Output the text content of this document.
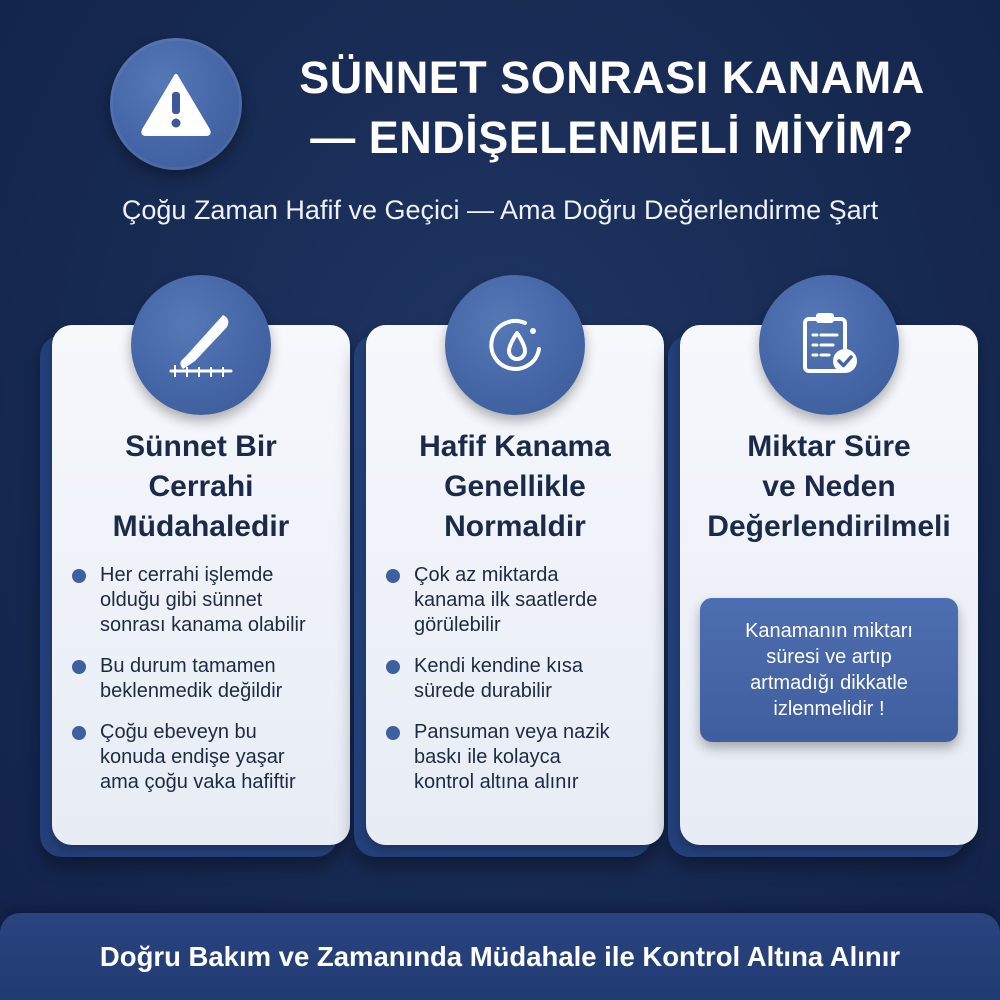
SÜNNET SONRASI KANAMA
— ENDİŞELENMELİ MİYİM?
Çoğu Zaman Hafif ve Geçici — Ama Doğru Değerlendirme Şart
Sünnet Bir
Cerrahi
Müdahaledir
Her cerrahi işlemde
olduğu gibi sünnet
sonrası kanama olabilir
Bu durum tamamen
beklenmedik değildir
Çoğu ebeveyn bu
konuda endişe yaşar
ama çoğu vaka hafiftir
Hafif Kanama
Genellikle
Normaldir
Çok az miktarda
kanama ilk saatlerde
görülebilir
Kendi kendine kısa
sürede durabilir
Pansuman veya nazik
baskı ile kolayca
kontrol altına alınır
Miktar Süre
ve Neden
Değerlendirilmeli
Kanamanın miktarı
süresi ve artıp
artmadığı dikkatle
izlenmelidir !
Doğru Bakım ve Zamanında Müdahale ile Kontrol Altına Alınır
